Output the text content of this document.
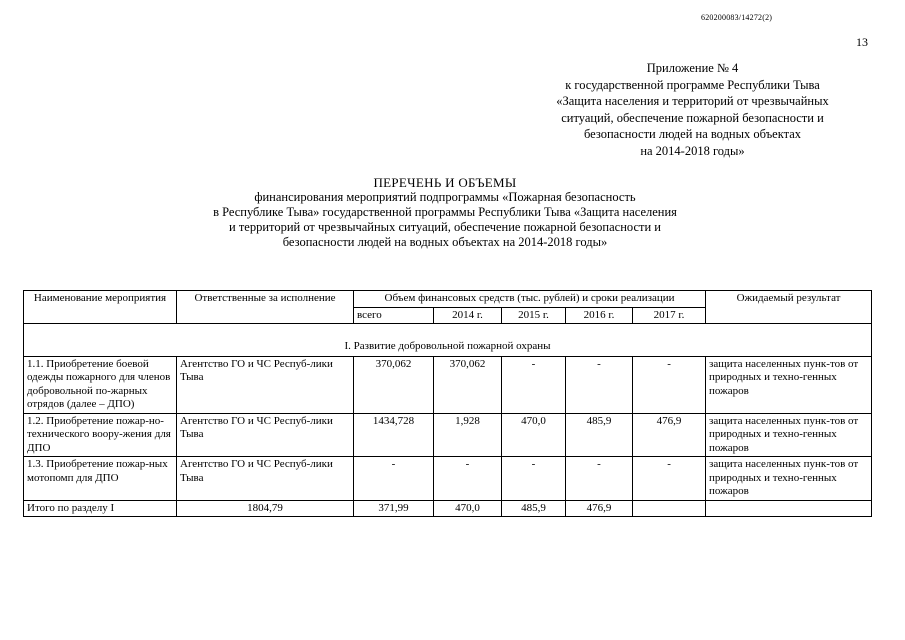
620200083/14272(2)
13
Приложение № 4
к государственной программе Республики Тыва
«Защита населения и территорий от чрезвычайных
ситуаций, обеспечение пожарной безопасности и
безопасности людей на водных объектах
на 2014-2018 годы»
ПЕРЕЧЕНЬ И ОБЪЕМЫ
финансирования мероприятий подпрограммы «Пожарная безопасность
в Республике Тыва» государственной программы Республики Тыва «Защита населения
и территорий от чрезвычайных ситуаций, обеспечение пожарной безопасности и
безопасности людей на водных объектах на 2014-2018 годы»
Наименование мероприятия	Ответственные за исполнение	Объем финансовых средств (тыс. рублей) и сроки реализации					Ожидаемый результат
		всего	2014 г.	2015 г.	2016 г.	2017 г.	
I. Развитие добровольной пожарной охраны							
1.1. Приобретение боевой одежды пожарного для членов добровольной по-жарных отрядов (далее – ДПО)	Агентство ГО и ЧС Респуб-лики Тыва	370,062	370,062	-	-	-	защита населенных пунк-тов от природных и техно-генных пожаров
1.2. Приобретение пожар-но-технического воору-жения для ДПО	Агентство ГО и ЧС Респуб-лики Тыва	1434,728	1,928	470,0	485,9	476,9	защита населенных пунк-тов от природных и техно-генных пожаров
1.3. Приобретение пожар-ных мотопомп для ДПО	Агентство ГО и ЧС Респуб-лики Тыва	-	-	-	-	-	защита населенных пунк-тов от природных и техно-генных пожаров
Итого по разделу I	1804,79	371,99	470,0	485,9	476,9		
